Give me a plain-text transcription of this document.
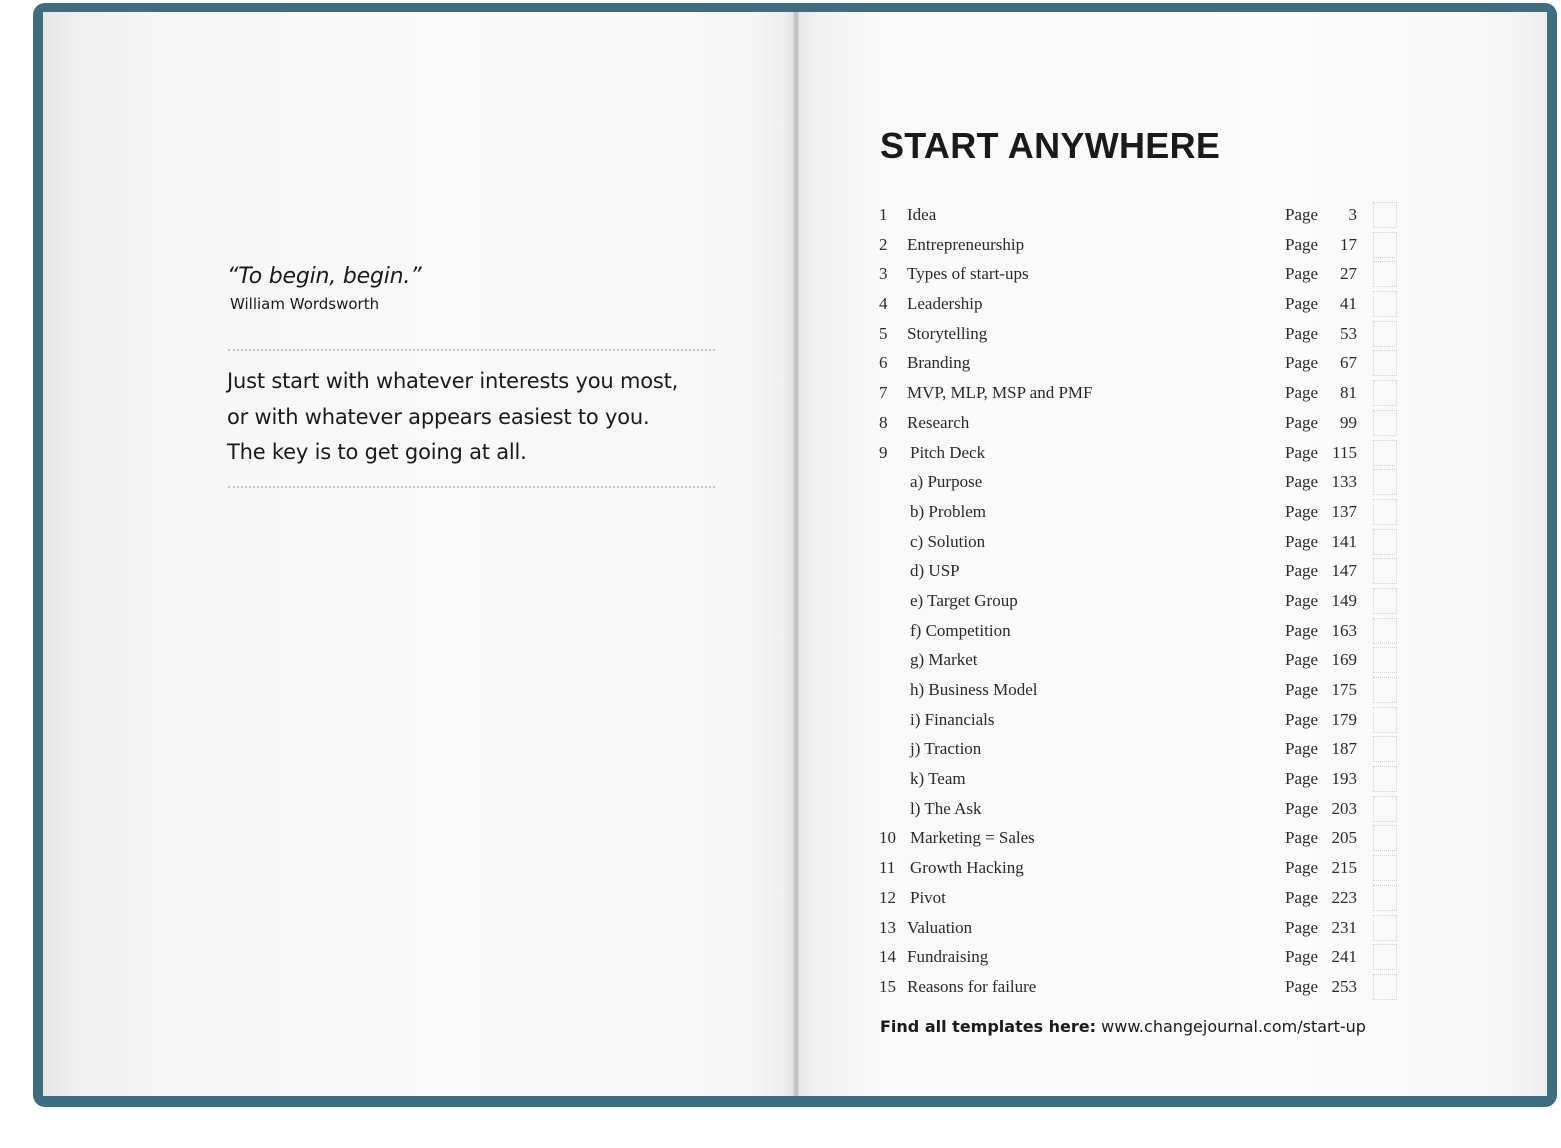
“To begin, begin.”
William Wordsworth
Just start with whatever interests you most,
or with whatever appears easiest to you.
The key is to get going at all.
START ANYWHERE
1 Idea	Page	3
2 Entrepreneurship	Page	17
3 Types of start-ups	Page	27
4 Leadership	Page	41
5 Storytelling	Page	53
6 Branding	Page	67
7 MVP, MLP, MSP and PMF	Page	81
8 Research	Page	99
9 Pitch Deck	Page 115
a) Purpose	Page 133
b) Problem	Page 137
c) Solution	Page 141
d) USP	Page 147
e) Target Group	Page 149
f) Competition	Page 163
g) Market	Page 169
h) Business Model	Page 175
i) Financials	Page 179
j) Traction	Page 187
k) Team	Page 193
l) The Ask	Page 203
10 Marketing = Sales	Page 205
11 Growth Hacking	Page 215
12 Pivot	Page 223
13 Valuation	Page 231
14 Fundraising	Page 241
15 Reasons for failure	Page 253
Find all templates here: www.changejournal.com/start-up
